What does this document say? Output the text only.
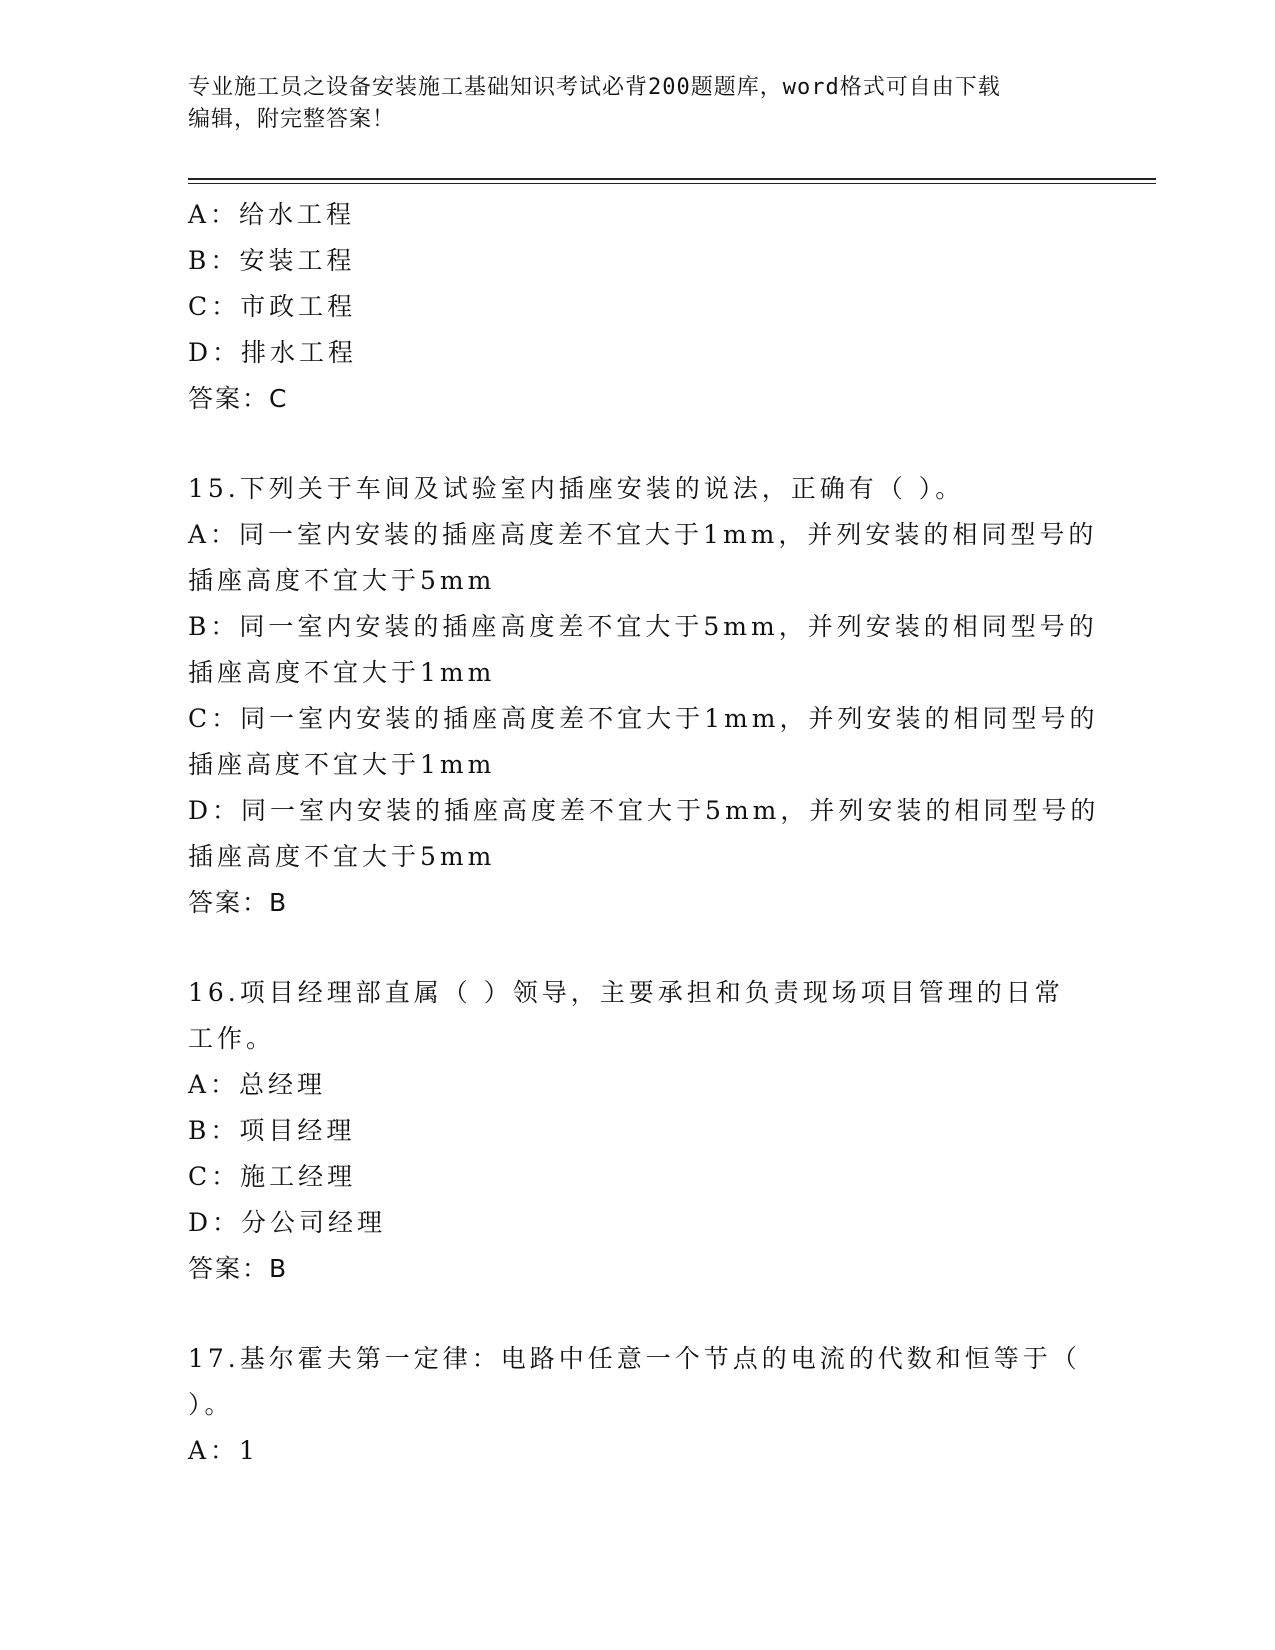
专业施工员之设备安装施工基础知识考试必背200题题库，word格式可自由下载
编辑，附完整答案！
A：给水工程
B：安装工程
C：市政工程
D：排水工程
答案：C
15.下列关于车间及试验室内插座安装的说法，正确有（ ）。
A：同一室内安装的插座高度差不宜大于1mm，并列安装的相同型号的
插座高度不宜大于5mm
B：同一室内安装的插座高度差不宜大于5mm，并列安装的相同型号的
插座高度不宜大于1mm
C：同一室内安装的插座高度差不宜大于1mm，并列安装的相同型号的
插座高度不宜大于1mm
D：同一室内安装的插座高度差不宜大于5mm，并列安装的相同型号的
插座高度不宜大于5mm
答案：B
16.项目经理部直属（ ）领导，主要承担和负责现场项目管理的日常
工作。
A：总经理
B：项目经理
C：施工经理
D：分公司经理
答案：B
17.基尔霍夫第一定律：电路中任意一个节点的电流的代数和恒等于（
）。
A：1
